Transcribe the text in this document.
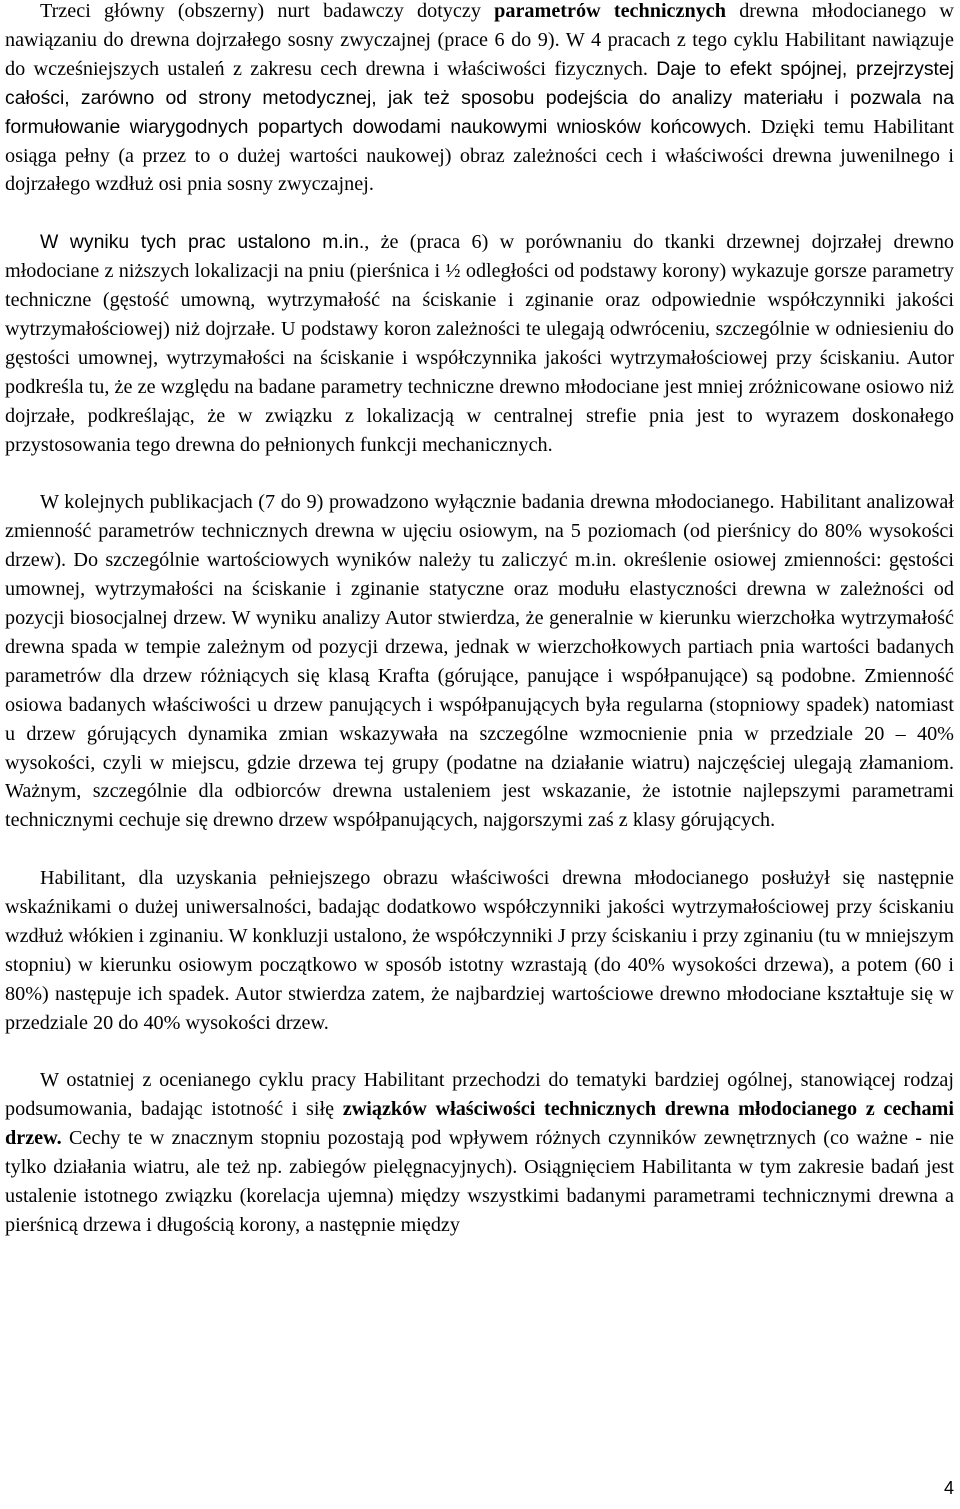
Trzeci główny (obszerny) nurt badawczy dotyczy parametrów technicznych drewna młodocianego w nawiązaniu do drewna dojrzałego sosny zwyczajnej (prace 6 do 9). W 4 pracach z tego cyklu Habilitant nawiązuje do wcześniejszych ustaleń z zakresu cech drewna i właściwości fizycznych. Daje to efekt spójnej, przejrzystej całości, zarówno od strony metodycznej, jak też sposobu podejścia do analizy materiału i pozwala na formułowanie wiarygodnych popartych dowodami naukowymi wniosków końcowych. Dzięki temu Habilitant osiąga pełny (a przez to o dużej wartości naukowej) obraz zależności cech i właściwości drewna juwenilnego i dojrzałego wzdłuż osi pnia sosny zwyczajnej.

W wyniku tych prac ustalono m.in., że (praca 6) w porównaniu do tkanki drzewnej dojrzałej drewno młodociane z niższych lokalizacji na pniu (pierśnica i ½ odległości od podstawy korony) wykazuje gorsze parametry techniczne (gęstość umowną, wytrzymałość na ściskanie i zginanie oraz odpowiednie współczynniki jakości wytrzymałościowej) niż dojrzałe. U podstawy koron zależności te ulegają odwróceniu, szczególnie w odniesieniu do gęstości umownej, wytrzymałości na ściskanie i współczynnika jakości wytrzymałościowej przy ściskaniu. Autor podkreśla tu, że ze względu na badane parametry techniczne drewno młodociane jest mniej zróżnicowane osiowo niż dojrzałe, podkreślając, że w związku z lokalizacją w centralnej strefie pnia jest to wyrazem doskonałego przystosowania tego drewna do pełnionych funkcji mechanicznych.

W kolejnych publikacjach (7 do 9) prowadzono wyłącznie badania drewna młodocianego. Habilitant analizował zmienność parametrów technicznych drewna w ujęciu osiowym, na 5 poziomach (od pierśnicy do 80% wysokości drzew). Do szczególnie wartościowych wyników należy tu zaliczyć m.in. określenie osiowej zmienności: gęstości umownej, wytrzymałości na ściskanie i zginanie statyczne oraz modułu elastyczności drewna w zależności od pozycji biosocjalnej drzew. W wyniku analizy Autor stwierdza, że generalnie w kierunku wierzchołka wytrzymałość drewna spada w tempie zależnym od pozycji drzewa, jednak w wierzchołkowych partiach pnia wartości badanych parametrów dla drzew różniących się klasą Krafta (górujące, panujące i współpanujące) są podobne. Zmienność osiowa badanych właściwości u drzew panujących i współpanujących była regularna (stopniowy spadek) natomiast u drzew górujących dynamika zmian wskazywała na szczególne wzmocnienie pnia w przedziale 20 – 40% wysokości, czyli w miejscu, gdzie drzewa tej grupy (podatne na działanie wiatru) najczęściej ulegają złamaniom. Ważnym, szczególnie dla odbiorców drewna ustaleniem jest wskazanie, że istotnie najlepszymi parametrami technicznymi cechuje się drewno drzew współpanujących, najgorszymi zaś z klasy górujących.

Habilitant, dla uzyskania pełniejszego obrazu właściwości drewna młodocianego posłużył się następnie wskaźnikami o dużej uniwersalności, badając dodatkowo współczynniki jakości wytrzymałościowej przy ściskaniu wzdłuż włókien i zginaniu. W konkluzji ustalono, że współczynniki J przy ściskaniu i przy zginaniu (tu w mniejszym stopniu) w kierunku osiowym początkowo w sposób istotny wzrastają (do 40% wysokości drzewa), a potem (60 i 80%) następuje ich spadek. Autor stwierdza zatem, że najbardziej wartościowe drewno młodociane kształtuje się w przedziale 20 do 40% wysokości drzew.

W ostatniej z ocenianego cyklu pracy Habilitant przechodzi do tematyki bardziej ogólnej, stanowiącej rodzaj podsumowania, badając istotność i siłę związków właściwości technicznych drewna młodocianego z cechami drzew. Cechy te w znacznym stopniu pozostają pod wpływem różnych czynników zewnętrznych (co ważne - nie tylko działania wiatru, ale też np. zabiegów pielęgnacyjnych). Osiągnięciem Habilitanta w tym zakresie badań jest ustalenie istotnego związku (korelacja ujemna) między wszystkimi badanymi parametrami technicznymi drewna a pierśnicą drzewa i długością korony, a następnie między

4
